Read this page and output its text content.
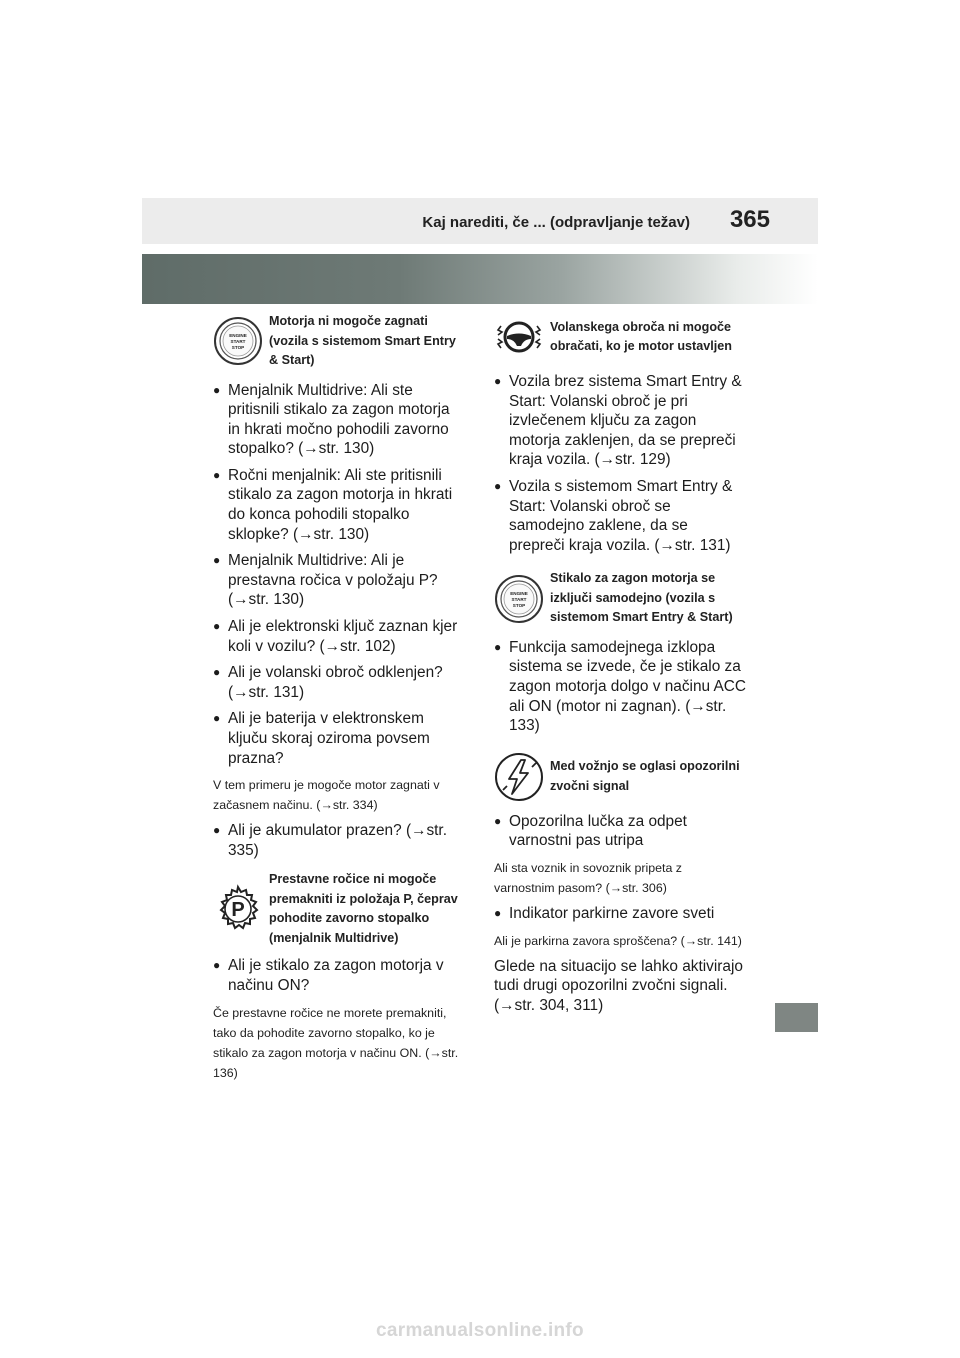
Kaj narediti, če ... (odpravljanje težav) 365
ENGINE
START
STOP
Motorja ni mogoče zagnati (vozila s sistemom Smart Entry & Start)

● Menjalnik Multidrive: Ali ste pritisnili stikalo za zagon motorja in hkrati močno pohodili zavorno stopalko? (→str. 130)

● Ročni menjalnik: Ali ste pritisnili stikalo za zagon motorja in hkrati do konca pohodili stopalko sklopke? (→str. 130)

● Menjalnik Multidrive: Ali je prestavna ročica v položaju P? (→str. 130)

● Ali je elektronski ključ zaznan kjer koli v vozilu? (→str. 102)

● Ali je volanski obroč odklenjen? (→str. 131)

● Ali je baterija v elektronskem ključu skoraj oziroma povsem prazna?

V tem primeru je mogoče motor zagnati v začasnem načinu. (→str. 334)

● Ali je akumulator prazen? (→str. 335)

P
Prestavne ročice ni mogoče premakniti iz položaja P, čeprav pohodite zavorno stopalko (menjalnik Multidrive)

● Ali je stikalo za zagon motorja v načinu ON?

Če prestavne ročice ne morete premakniti, tako da pohodite zavorno stopalko, ko je stikalo za zagon motorja v načinu ON. (→str. 136)

Volanskega obroča ni mogoče obračati, ko je motor ustavljen

● Vozila brez sistema Smart Entry & Start: Volanski obroč je pri izvlečenem ključu za zagon motorja zaklenjen, da se prepreči kraja vozila. (→str. 129)

● Vozila s sistemom Smart Entry & Start: Volanski obroč se samodejno zaklene, da se prepreči kraja vozila. (→str. 131)

ENGINE
START
STOP
Stikalo za zagon motorja se izklјuči samodejno (vozila s sistemom Smart Entry & Start)

● Funkcija samodejnega izklopa sistema se izvede, če je stikalo za zagon motorja dolgo v načinu ACC ali ON (motor ni zagnan). (→str. 133)

Med vožnjo se oglasi opozorilni zvočni signal

● Opozorilna lučka za odpet varnostni pas utripa

Ali sta voznik in sovoznik pripeta z varnostnim pasom? (→str. 306)

● Indikator parkirne zavore sveti

Ali je parkirna zavora sproščena? (→str. 141)

Glede na situacijo se lahko aktivirajo tudi drugi opozorilni zvočni signali. (→str. 304, 311)

carmanualsonline.info
